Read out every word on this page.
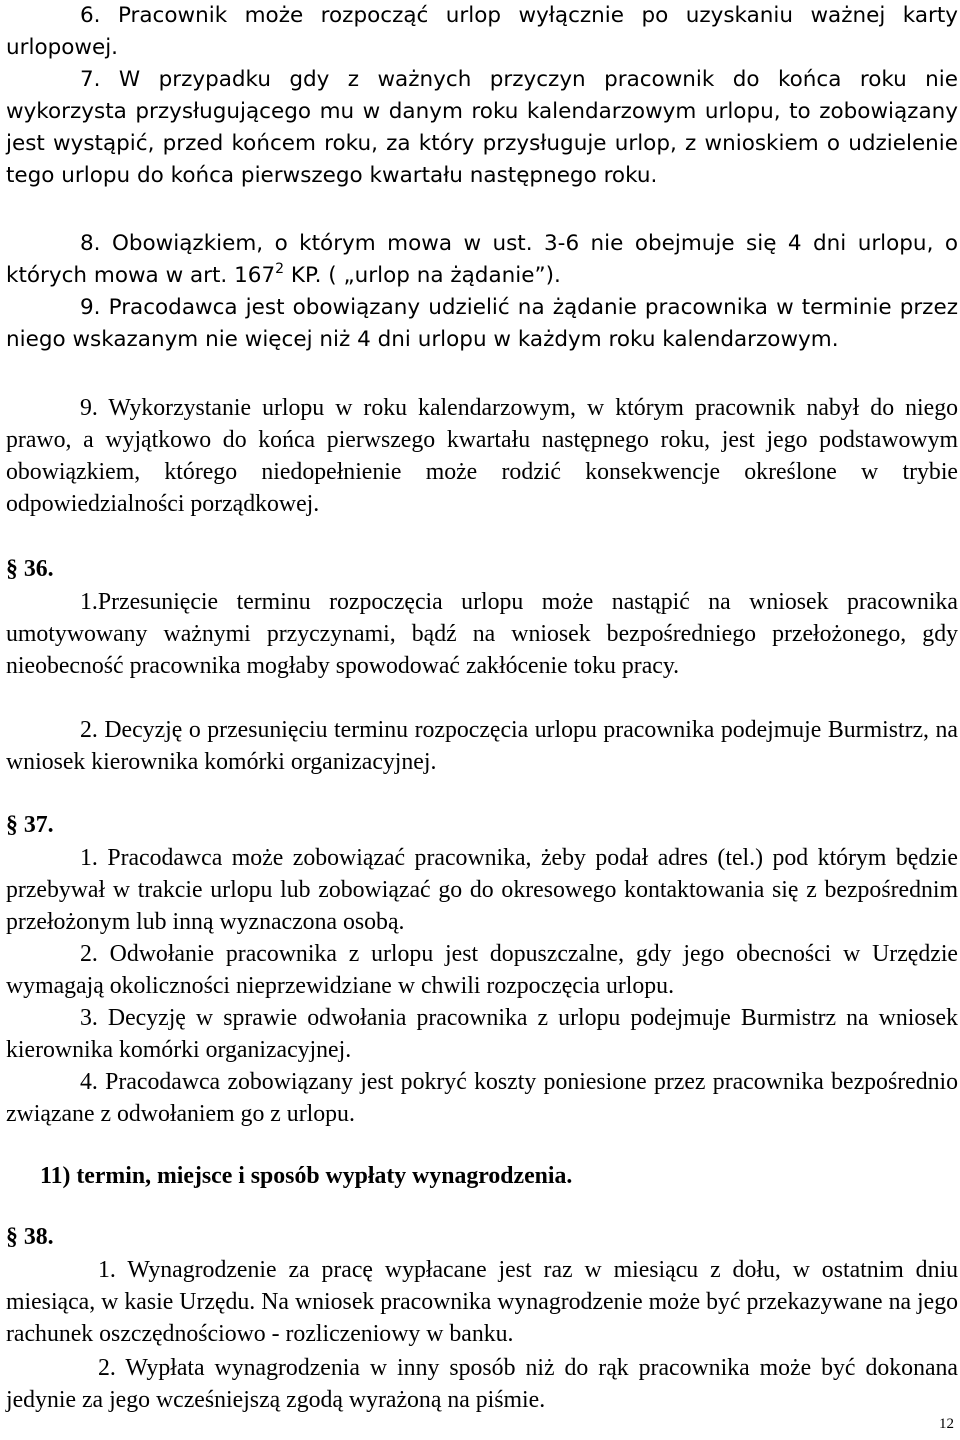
6. Pracownik może rozpocząć urlop wyłącznie po uzyskaniu ważnej karty urlopowej.

7. W przypadku gdy z ważnych przyczyn pracownik do końca roku nie wykorzysta przysługującego mu w danym roku kalendarzowym urlopu, to zobowiązany jest wystąpić, przed końcem roku, za który przysługuje urlop, z wnioskiem o udzielenie tego urlopu do końca pierwszego kwartału następnego roku.

8. Obowiązkiem, o którym mowa w ust. 3-6 nie obejmuje się 4 dni urlopu, o których mowa w art. $167^2$ KP. ( „urlop na żądanie”).

9. Pracodawca jest obowiązany udzielić na żądanie pracownika w terminie przez niego wskazanym nie więcej niż 4 dni urlopu w każdym roku kalendarzowym.

9. Wykorzystanie urlopu w roku kalendarzowym, w którym pracownik nabył do niego prawo, a wyjątkowo do końca pierwszego kwartału następnego roku, jest jego podstawowym obowiązkiem, którego niedopełnienie może rodzić konsekwencje określone w trybie odpowiedzialności porządkowej.

§ 36.

1.Przesunięcie terminu rozpoczęcia urlopu może nastąpić na wniosek pracownika umotywowany ważnymi przyczynami, bądź na wniosek bezpośredniego przełożonego, gdy nieobecność pracownika mogłaby spowodować zakłócenie toku pracy.

2. Decyzję o przesunięciu terminu rozpoczęcia urlopu pracownika podejmuje Burmistrz, na wniosek kierownika komórki organizacyjnej.

§ 37.

1. Pracodawca może zobowiązać pracownika, żeby podał adres (tel.) pod którym będzie przebywał w trakcie urlopu lub zobowiązać go do okresowego kontaktowania się z bezpośrednim przełożonym lub inną wyznaczona osobą.

2. Odwołanie pracownika z urlopu jest dopuszczalne, gdy jego obecności w Urzędzie wymagają okoliczności nieprzewidziane w chwili rozpoczęcia urlopu.

3. Decyzję w sprawie odwołania pracownika z urlopu podejmuje Burmistrz na wniosek kierownika komórki organizacyjnej.

4. Pracodawca zobowiązany jest pokryć koszty poniesione przez pracownika bezpośrednio związane z odwołaniem go z urlopu.

11) termin, miejsce i sposób wypłaty wynagrodzenia.

§ 38.

1. Wynagrodzenie za pracę wypłacane jest raz w miesiącu z dołu, w ostatnim dniu miesiąca, w kasie Urzędu. Na wniosek pracownika wynagrodzenie może być przekazywane na jego rachunek oszczędnościowo - rozliczeniowy w banku.

2. Wypłata wynagrodzenia w inny sposób niż do rąk pracownika może być dokonana jedynie za jego wcześniejszą zgodą wyrażoną na piśmie.

12
